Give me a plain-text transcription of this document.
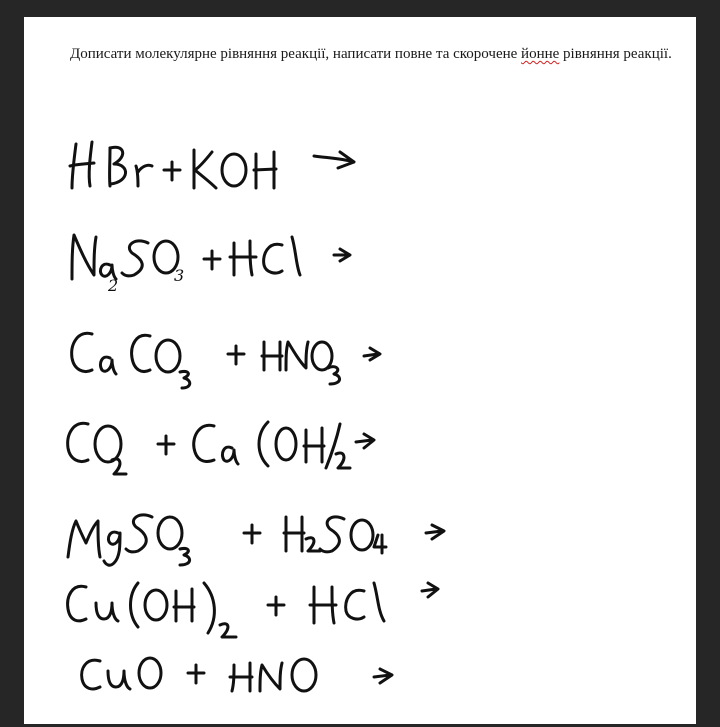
Дописати молекулярне рівняння реакції, написати повне та скорочене йонне рівняння реакції.

2
3
